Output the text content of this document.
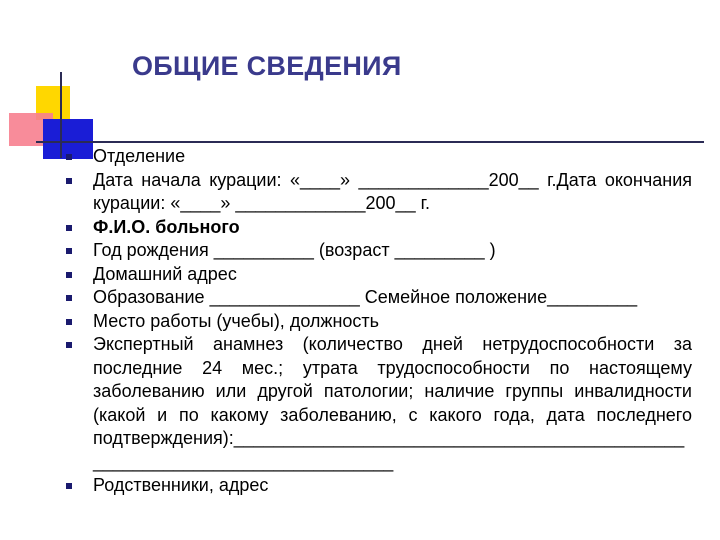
ОБЩИЕ СВЕДЕНИЯ
Отделение
Дата начала курации: «____» _____________200__ г.Дата окончания курации: «____» _____________200__ г.
Ф.И.О. больного
Год рождения __________ (возраст _________ )
Домашний адрес
Образование _______________ Семейное положение_________
Место работы (учебы), должность
Экспертный анамнез (количество дней нетрудоспособности за последние 24 мес.; утрата трудоспособности по настоящему заболеванию или другой патологии; наличие группы инвалидности (какой и по какому заболеванию, с какого года, дата последнего подтверждения):_____________________________________________ ______________________________
Родственники, адрес
